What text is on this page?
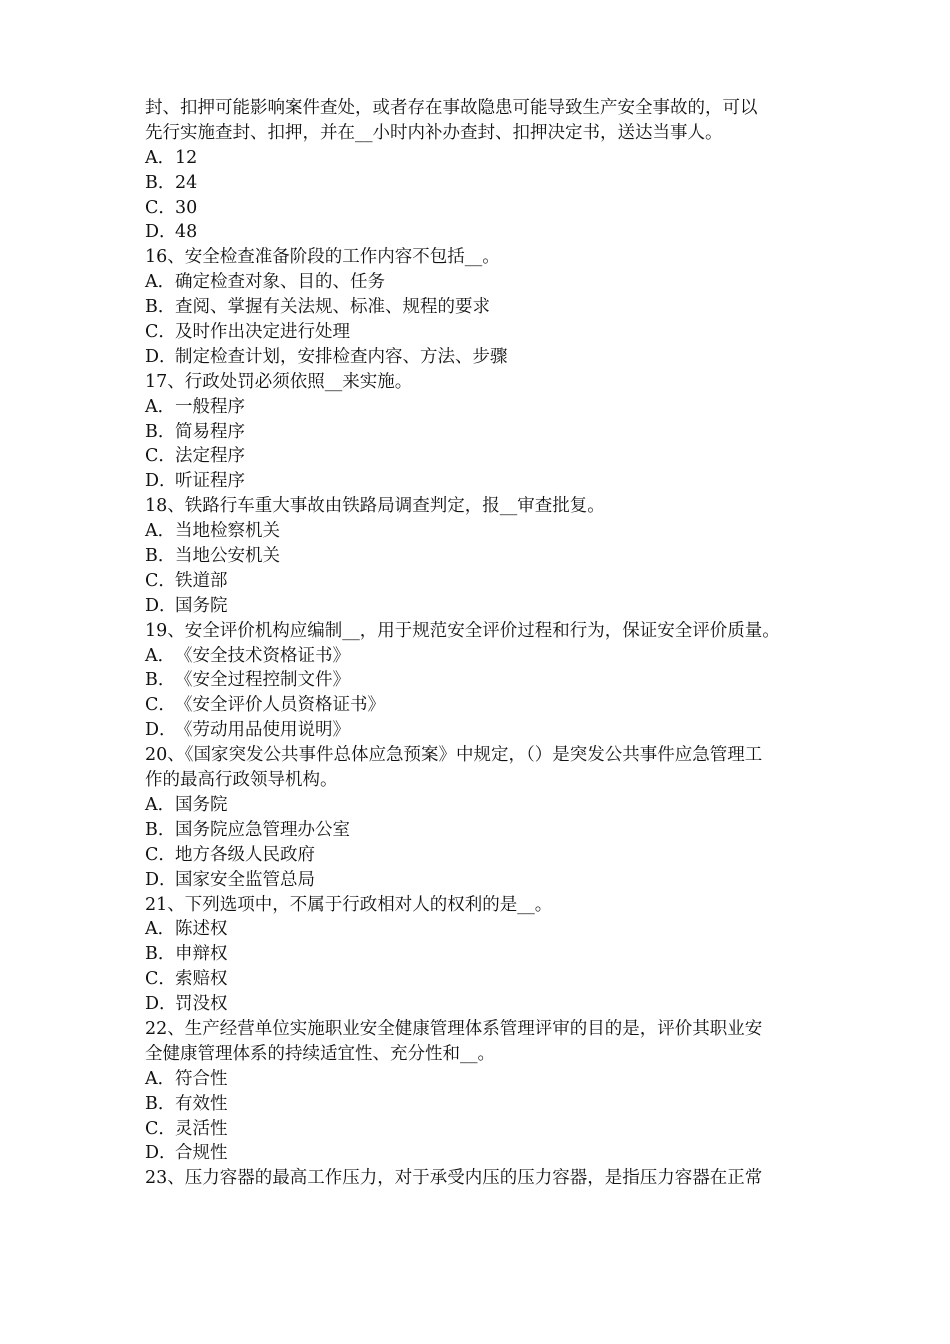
封、扣押可能影响案件查处，或者存在事故隐患可能导致生产安全事故的，可以

先行实施查封、扣押，并在__小时内补办查封、扣押决定书，送达当事人。

A．12

B．24

C．30

D．48

16、安全检查准备阶段的工作内容不包括__。

A．确定检查对象、目的、任务

B．查阅、掌握有关法规、标准、规程的要求

C．及时作出决定进行处理

D．制定检查计划，安排检查内容、方法、步骤

17、行政处罚必须依照__来实施。

A．一般程序

B．简易程序

C．法定程序

D．听证程序

18、铁路行车重大事故由铁路局调查判定，报__审查批复。

A．当地检察机关

B．当地公安机关

C．铁道部

D．国务院

19、安全评价机构应编制__，用于规范安全评价过程和行为，保证安全评价质量。

A．《安全技术资格证书》

B．《安全过程控制文件》

C．《安全评价人员资格证书》

D．《劳动用品使用说明》

20、《国家突发公共事件总体应急预案》中规定，（）是突发公共事件应急管理工

作的最高行政领导机构。

A．国务院

B．国务院应急管理办公室

C．地方各级人民政府

D．国家安全监管总局

21、下列选项中，不属于行政相对人的权利的是__。

A．陈述权

B．申辩权

C．索赔权

D．罚没权

22、生产经营单位实施职业安全健康管理体系管理评审的目的是，评价其职业安

全健康管理体系的持续适宜性、充分性和__。

A．符合性

B．有效性

C．灵活性

D．合规性

23、压力容器的最高工作压力，对于承受内压的压力容器，是指压力容器在正常
